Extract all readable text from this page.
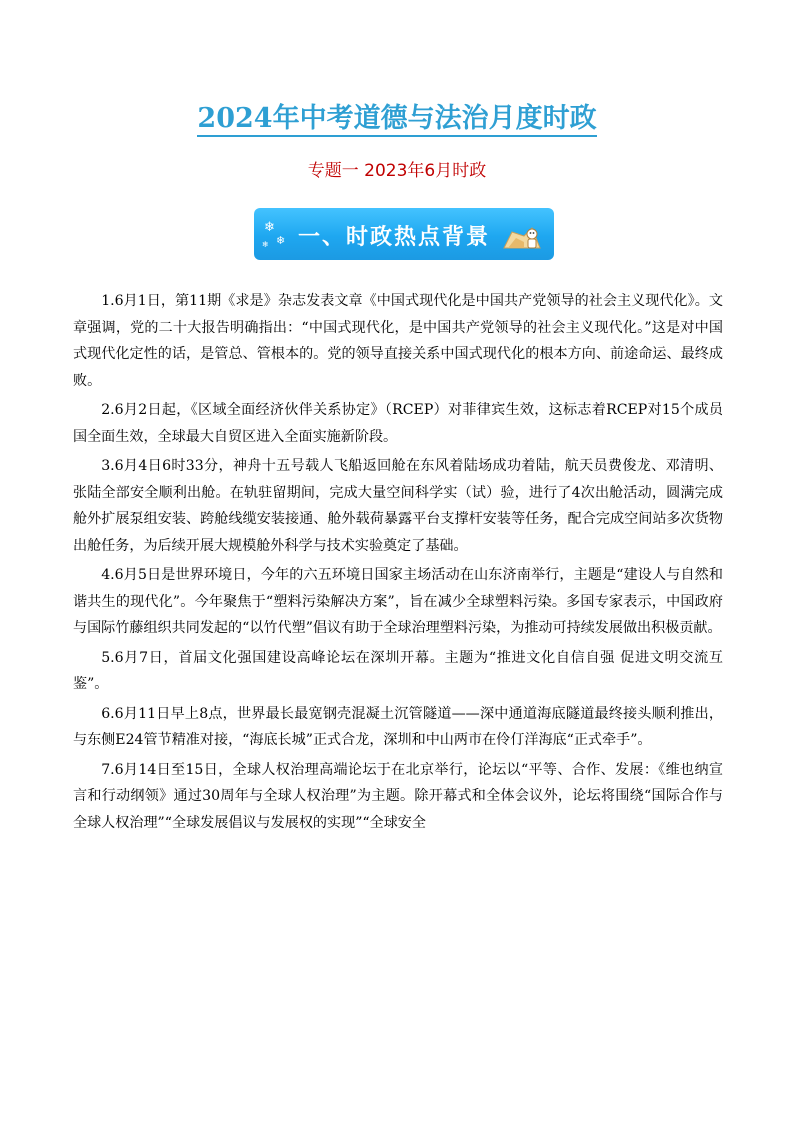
2024年中考道德与法治月度时政
专题一 2023年6月时政
❄
❄
❄ 一、时政热点背景

1.6月1日，第11期《求是》杂志发表文章《中国式现代化是中国共产党领导的社会主义现代化》。文章强调，党的二十大报告明确指出：“中国式现代化，是中国共产党领导的社会主义现代化。”这是对中国式现代化定性的话，是管总、管根本的。党的领导直接关系中国式现代化的根本方向、前途命运、最终成败。

2.6月2日起，《区域全面经济伙伴关系协定》（RCEP）对菲律宾生效，这标志着RCEP对15个成员国全面生效，全球最大自贸区进入全面实施新阶段。

3.6月4日6时33分，神舟十五号载人飞船返回舱在东风着陆场成功着陆，航天员费俊龙、邓清明、张陆全部安全顺利出舱。在轨驻留期间，完成大量空间科学实（试）验，进行了4次出舱活动，圆满完成舱外扩展泵组安装、跨舱线缆安装接通、舱外载荷暴露平台支撑杆安装等任务，配合完成空间站多次货物出舱任务，为后续开展大规模舱外科学与技术实验奠定了基础。

4.6月5日是世界环境日，今年的六五环境日国家主场活动在山东济南举行，主题是“建设人与自然和谐共生的现代化”。今年聚焦于“塑料污染解决方案”，旨在减少全球塑料污染。多国专家表示，中国政府与国际竹藤组织共同发起的“以竹代塑”倡议有助于全球治理塑料污染，为推动可持续发展做出积极贡献。

5.6月7日，首届文化强国建设高峰论坛在深圳开幕。主题为“推进文化自信自强 促进文明交流互鉴”。

6.6月11日早上8点，世界最长最宽钢壳混凝土沉管隧道——深中通道海底隧道最终接头顺利推出，与东侧E24管节精准对接，“海底长城”正式合龙，深圳和中山两市在伶仃洋海底“正式牵手”。

7.6月14日至15日，全球人权治理高端论坛于在北京举行，论坛以“平等、合作、发展：《维也纳宣言和行动纲领》通过30周年与全球人权治理”为主题。除开幕式和全体会议外，论坛将围绕“国际合作与全球人权治理”“全球发展倡议与发展权的实现”“全球安全
